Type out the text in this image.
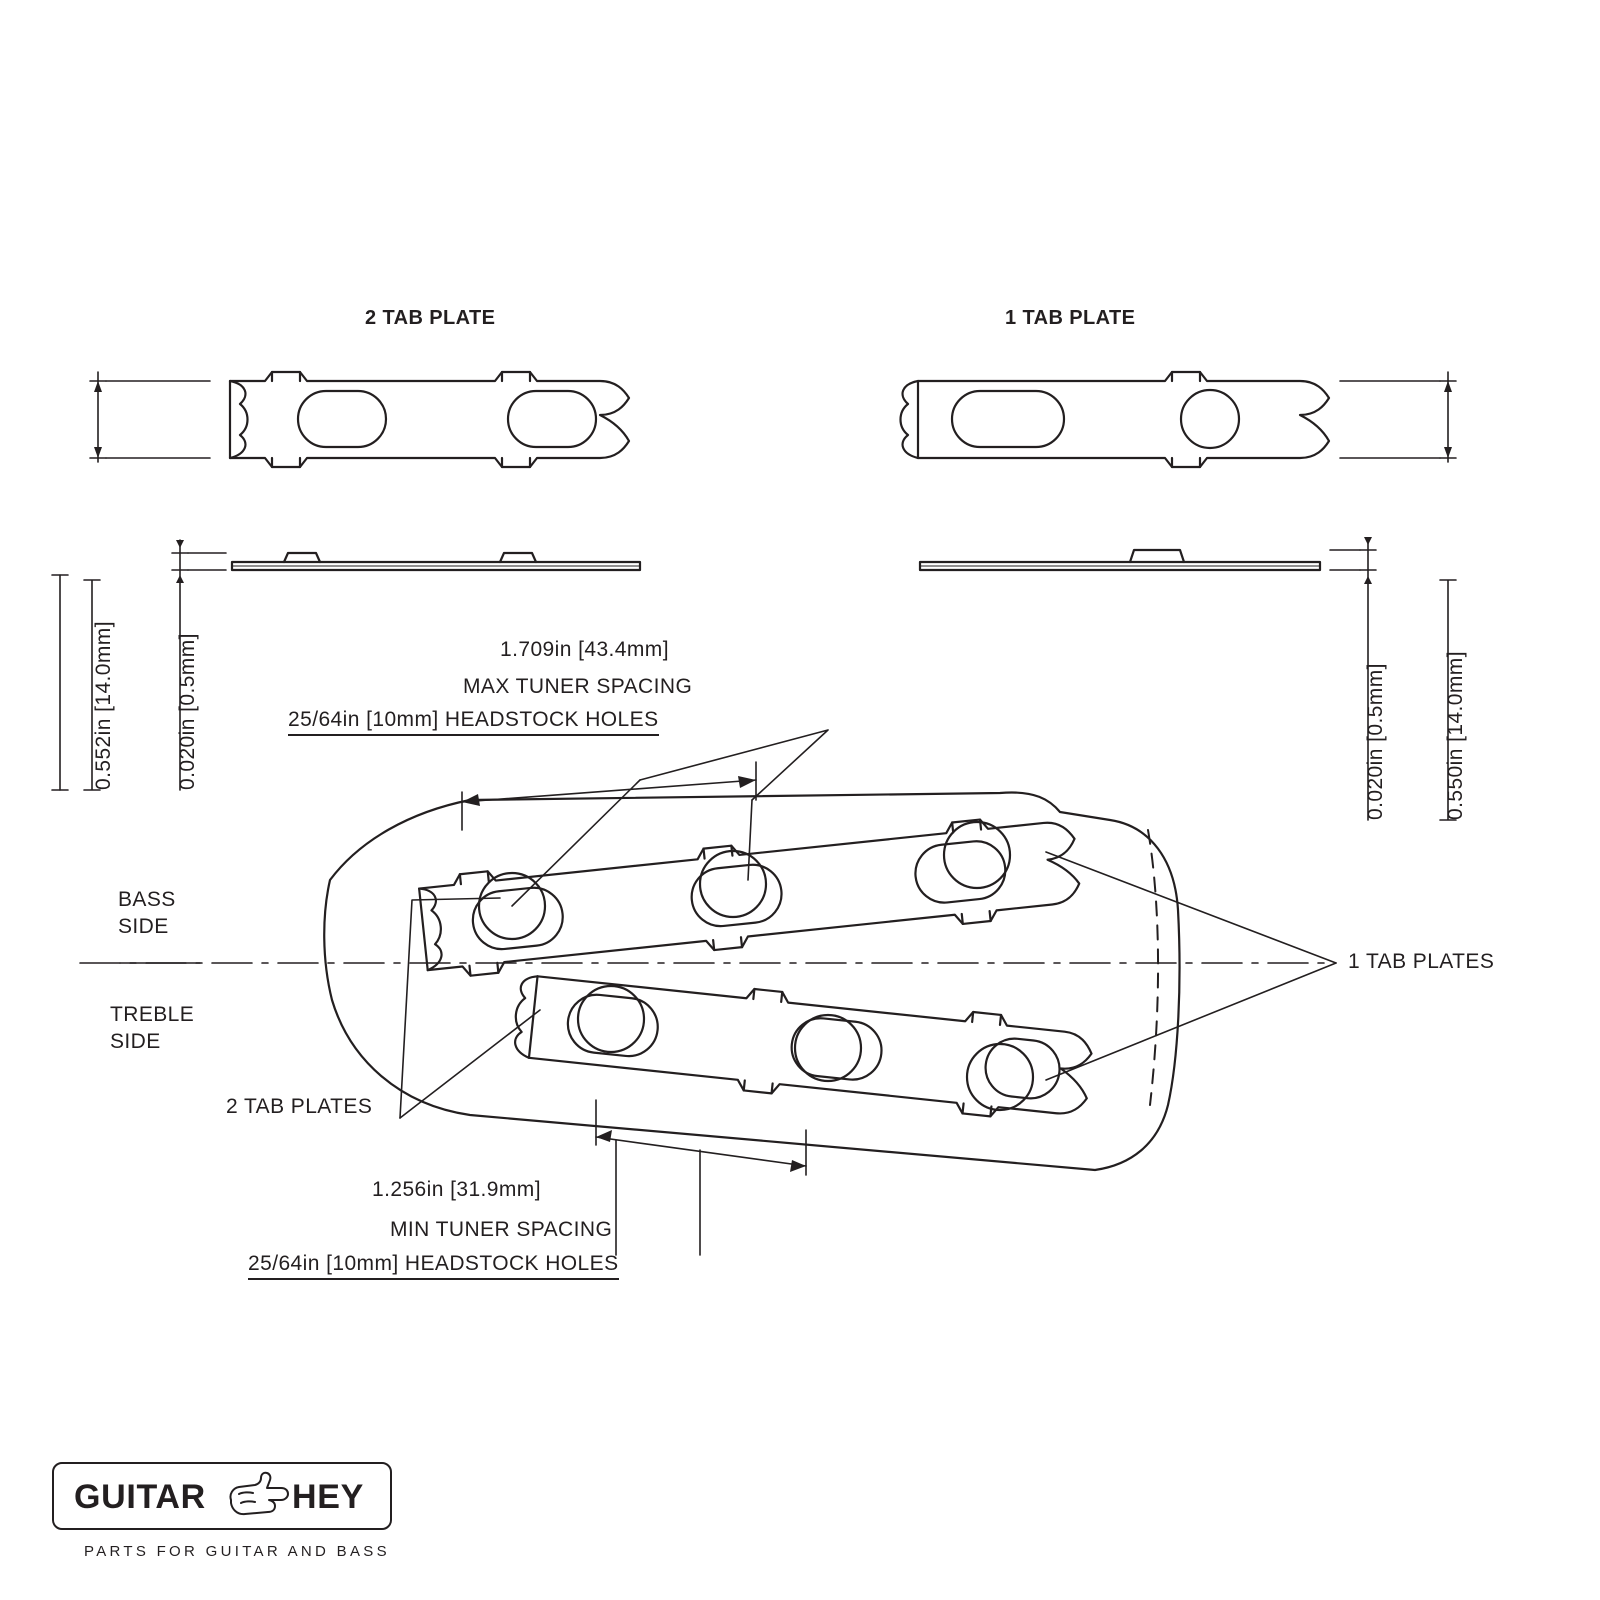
2 TAB PLATE	1 TAB PLATE
0.552in [14.0mm]	0.020in [0.5mm]	0.020in [0.5mm]	0.550in [14.0mm]
1.709in [43.4mm]
MAX TUNER SPACING
25/64in [10mm] HEADSTOCK HOLES
1.256in [31.9mm]
MIN TUNER SPACING
25/64in [10mm] HEADSTOCK HOLES
BASS
SIDE
TREBLE
SIDE
2 TAB PLATES
1 TAB PLATES
GUITAR	HEY
PARTS FOR GUITAR AND BASS
